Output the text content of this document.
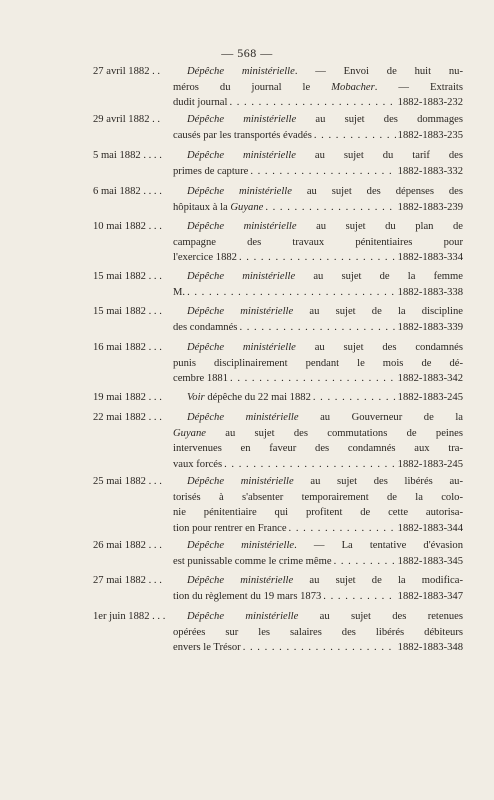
— 568 —
27 avril 1882 . .	Dépêche ministérielle. — Envoi de huit nu-
méros du journal le Mobacher. — Extraits
dudit journal . . .	1882-1883-232
29 avril 1882 . .	Dépêche ministérielle au sujet des dommages
causés par les transportés évadés . . .	1882-1883-235
5 mai 1882 . . . .	Dépêche ministérielle au sujet du tarif des
primes de capture . . .	1882-1883-332
6 mai 1882 . . . .	Dépêche ministérielle au sujet des dépenses des
hôpitaux à la Guyane . . .	1882-1883-239
10 mai 1882 . . .	Dépêche ministérielle au sujet du plan de
campagne des travaux pénitentiaires pour
l'exercice 1882 . . .	1882-1883-334
15 mai 1882 . . .	Dépêche ministérielle au sujet de la femme
M. . . .	1882-1883-338
15 mai 1882 . . .	Dépêche ministérielle au sujet de la discipline
des condamnés . . .	1882-1883-339
16 mai 1882 . . .	Dépêche ministérielle au sujet des condamnés
punis disciplinairement pendant le mois de dé-
cembre 1881 . . .	1882-1883-342
19 mai 1882 . . . Voir dépêche du 22 mai 1882 . . .	1882-1883-245
22 mai 1882 . . .	Dépêche ministérielle au Gouverneur de la
Guyane au sujet des commutations de peines
intervenues en faveur des condamnés aux tra-
vaux forcés . . .	1882-1883-245
25 mai 1882 . . .	Dépêche ministérielle au sujet des libérés au-
torisés à s'absenter temporairement de la colo-
nie pénitentiaire qui profitent de cette autorisa-
tion pour rentrer en France . . .	1882-1883-344
26 mai 1882 . . .	Dépêche ministérielle. — La tentative d'évasion
est punissable comme le crime même . . .	1882-1883-345
27 mai 1882 . . .	Dépêche ministérielle au sujet de la modifica-
tion du règlement du 19 mars 1873 . . .	1882-1883-347
1er juin 1882 . . .	Dépêche ministérielle au sujet des retenues
opérées sur les salaires des libérés débiteurs
envers le Trésor . . .	1882-1883-348
